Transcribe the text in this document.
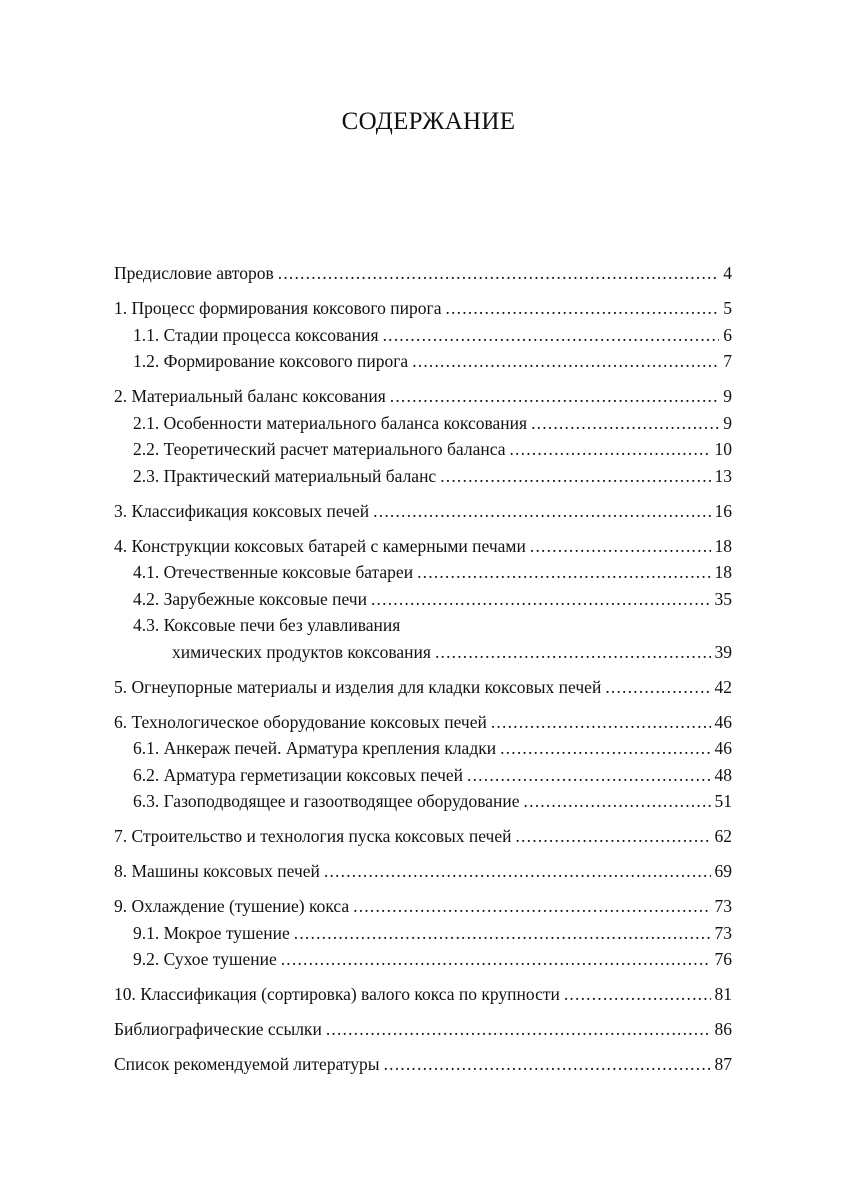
СОДЕРЖАНИЕ
Предисловие авторов .....	4
1. Процесс формирования коксового пирога .....	5
1.1. Стадии процесса коксования .....	6
1.2. Формирование коксового пирога .....	7
2. Материальный баланс коксования .....	9
2.1. Особенности материального баланса коксования .....	9
2.2. Теоретический расчет материального баланса .....	10
2.3. Практический материальный баланс .....	13
3. Классификация коксовых печей .....	16
4. Конструкции коксовых батарей с камерными печами .....	18
4.1. Отечественные коксовые батареи .....	18
4.2. Зарубежные коксовые печи .....	35
4.3. Коксовые печи без улавливания
химических продуктов коксования .....	39
5. Огнеупорные материалы и изделия для кладки коксовых печей .....	42
6. Технологическое оборудование коксовых печей .....	46
6.1. Анкераж печей. Арматура крепления кладки .....	46
6.2. Арматура герметизации коксовых печей .....	48
6.3. Газоподводящее и газоотводящее оборудование .....	51
7. Строительство и технология пуска коксовых печей .....	62
8. Машины коксовых печей .....	69
9. Охлаждение (тушение) кокса .....	73
9.1. Мокрое тушение .....	73
9.2. Сухое тушение .....	76
10. Классификация (сортировка) валого кокса по крупности .....	81
Библиографические ссылки .....	86
Список рекомендуемой литературы .....	87
